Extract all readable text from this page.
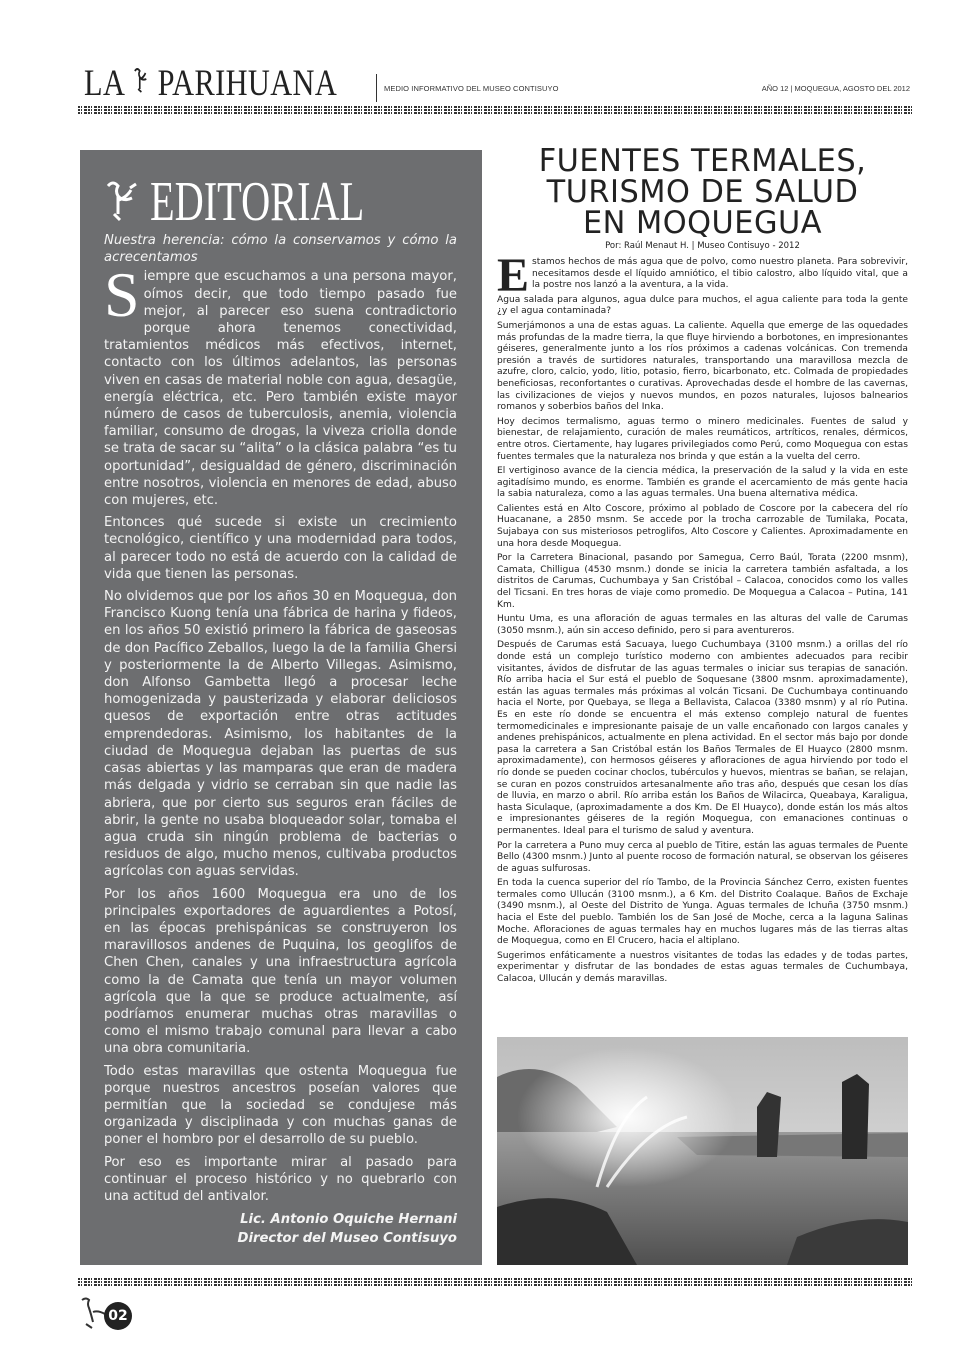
LA PARIHUANA	MEDIO INFORMATIVO DEL MUSEO CONTISUYO	AÑO 12 | MOQUEGUA, AGOSTO DEL 2012
EDITORIAL
Nuestra herencia: cómo la conservamos y cómo la acrecentamos

Siempre que escuchamos a una persona mayor, oímos decir, que todo tiempo pasado fue mejor, al parecer eso suena contradictorio porque ahora tenemos conectividad, tratamientos médicos más efectivos, internet, contacto con los últimos adelantos, las personas viven en casas de material noble con agua, desagüe, energía eléctrica, etc. Pero también existe mayor número de casos de tuberculosis, anemia, violencia familiar, consumo de drogas, la viveza criolla donde se trata de sacar su “alita” o la clásica palabra “es tu oportunidad”, desigualdad de género, discriminación entre nosotros, violencia en menores de edad, abuso con mujeres, etc.

Entonces qué sucede si existe un crecimiento tecnológico, científico y una modernidad para todos, al parecer todo no está de acuerdo con la calidad de vida que tienen las personas.

No olvidemos que por los años 30 en Moquegua, don Francisco Kuong tenía una fábrica de harina y fideos, en los años 50 existió primero la fábrica de gaseosas de don Pacífico Zeballos, luego la de la familia Ghersi y posteriormente la de Alberto Villegas. Asimismo, don Alfonso Gambetta llegó a procesar leche homogenizada y pausterizada y elaborar deliciosos quesos de exportación entre otras actitudes emprendedoras. Asimismo, los habitantes de la ciudad de Moquegua dejaban las puertas de sus casas abiertas y las mamparas que eran de madera más delgada y vidrio se cerraban sin que nadie las abriera, que por cierto sus seguros eran fáciles de abrir, la gente no usaba bloqueador solar, tomaba el agua cruda sin ningún problema de bacterias o residuos de algo, mucho menos, cultivaba productos agrícolas con aguas servidas.

Por los años 1600 Moquegua era uno de los principales exportadores de aguardientes a Potosí, en las épocas prehispánicas se construyeron los maravillosos andenes de Puquina, los geoglifos de Chen Chen, canales y una infraestructura agrícola como la de Camata que tenía un mayor volumen agrícola que la que se produce actualmente, así podríamos enumerar muchas otras maravillas o como el mismo trabajo comunal para llevar a cabo una obra comunitaria.

Todo estas maravillas que ostenta Moquegua fue porque nuestros ancestros poseían valores que permitían que la sociedad se condujese más organizada y disciplinada y con muchas ganas de poner el hombro por el desarrollo de su pueblo.

Por eso es importante mirar al pasado para continuar el proceso histórico y no quebrarlo con una actitud del antivalor.

Lic. Antonio Oquiche Hernani
Director del Museo Contisuyo
FUENTES TERMALES,
TURISMO DE SALUD
EN MOQUEGUA
Por: Raúl Menaut H. | Museo Contisuyo - 2012

Estamos hechos de más agua que de polvo, como nuestro planeta. Para sobrevivir, necesitamos desde el líquido amniótico, el tibio calostro, albo líquido vital, que a la postre nos lanzó a la aventura, a la vida.

Agua salada para algunos, agua dulce para muchos, el agua caliente para toda la gente ¿y el agua contaminada?

Sumerjámonos a una de estas aguas. La caliente. Aquella que emerge de las oquedades más profundas de la madre tierra, la que fluye hirviendo a borbotones, en impresionantes géiseres, generalmente junto a los ríos próximos a cadenas volcánicas. Con tremenda presión a través de surtidores naturales, transportando una maravillosa mezcla de azufre, cloro, calcio, yodo, litio, potasio, fierro, bicarbonato, etc. Colmada de propiedades beneficiosas, reconfortantes o curativas. Aprovechadas desde el hombre de las cavernas, las civilizaciones de viejos y nuevos mundos, en pozos naturales, lujosos balnearios romanos y soberbios baños del Inka.

Hoy decimos termalismo, aguas termo o minero medicinales. Fuentes de salud y bienestar, de relajamiento, curación de males reumáticos, artríticos, renales, dérmicos, entre otros. Ciertamente, hay lugares privilegiados como Perú, como Moquegua con estas fuentes termales que la naturaleza nos brinda y que están a la vuelta del cerro.

El vertiginoso avance de la ciencia médica, la preservación de la salud y la vida en este agitadísimo mundo, es enorme. También es grande el acercamiento de más gente hacia la sabia naturaleza, como a las aguas termales. Una buena alternativa médica.

Calientes está en Alto Coscore, próximo al poblado de Coscore por la cabecera del río Huacanane, a 2850 msnm. Se accede por la trocha carrozable de Tumilaka, Pocata, Sujabaya con sus misteriosos petroglifos, Alto Coscore y Calientes. Aproximadamente en una hora desde Moquegua.

Por la Carretera Binacional, pasando por Samegua, Cerro Baúl, Torata (2200 msnm), Camata, Chilligua (4530 msnm.) donde se inicia la carretera también asfaltada, a los distritos de Carumas, Cuchumbaya y San Cristóbal – Calacoa, conocidos como los valles del Ticsani. En tres horas de viaje como promedio. De Moquegua a Calacoa – Putina, 141 Km.

Huntu Uma, es una afloración de aguas termales en las alturas del valle de Carumas (3050 msnm.), aún sin acceso definido, pero si para aventureros.

Después de Carumas está Sacuaya, luego Cuchumbaya (3100 msnm.) a orillas del río donde está un complejo turístico moderno con ambientes adecuados para recibir visitantes, ávidos de disfrutar de las aguas termales o iniciar sus terapias de sanación. Río arriba hacia el Sur está el pueblo de Soquesane (3800 msnm. aproximadamente), están las aguas termales más próximas al volcán Ticsani. De Cuchumbaya continuando hacia el Norte, por Quebaya, se llega a Bellavista, Calacoa (3380 msnm) y al río Putina. Es en este río donde se encuentra el más extenso complejo natural de fuentes termomedicinales e impresionante paisaje de un valle encañonado con largos canales y andenes prehispánicos, actualmente en plena actividad. En el sector más bajo por donde pasa la carretera a San Cristóbal están los Baños Termales de El Huayco (2800 msnm. aproximadamente), con hermosos géiseres y afloraciones de agua hirviendo por todo el río donde se pueden cocinar choclos, tubérculos y huevos, mientras se bañan, se relajan, se curan en pozos construidos artesanalmente año tras año, después que cesan los días de lluvia, en marzo o abril. Río arriba están los Baños de Wilacirca, Queabaya, Karaligua, hasta Siculaque, (aproximadamente a dos Km. De El Huayco), donde están los más altos e impresionantes géiseres de la región Moquegua, con emanaciones continuas o permanentes. Ideal para el turismo de salud y aventura.

Por la carretera a Puno muy cerca al pueblo de Titire, están las aguas termales de Puente Bello (4300 msnm.) Junto al puente rocoso de formación natural, se observan los géiseres de aguas sulfurosas.

En toda la cuenca superior del río Tambo, de la Provincia Sánchez Cerro, existen fuentes termales como Ullucán (3100 msnm.), a 6 Km. del Distrito Coalaque. Baños de Exchaje (3490 msnm.), al Oeste del Distrito de Yunga. Aguas termales de Ichuña (3750 msnm.) hacia el Este del pueblo. También los de San José de Moche, cerca a la laguna Salinas Moche. Afloraciones de aguas termales hay en muchos lugares más de las tierras altas de Moquegua, como en El Crucero, hacia el altiplano.

Sugerimos enfáticamente a nuestros visitantes de todas las edades y de todas partes, experimentar y disfrutar de las bondades de estas aguas termales de Cuchumbaya, Calacoa, Ullucán y demás maravillas.

02
